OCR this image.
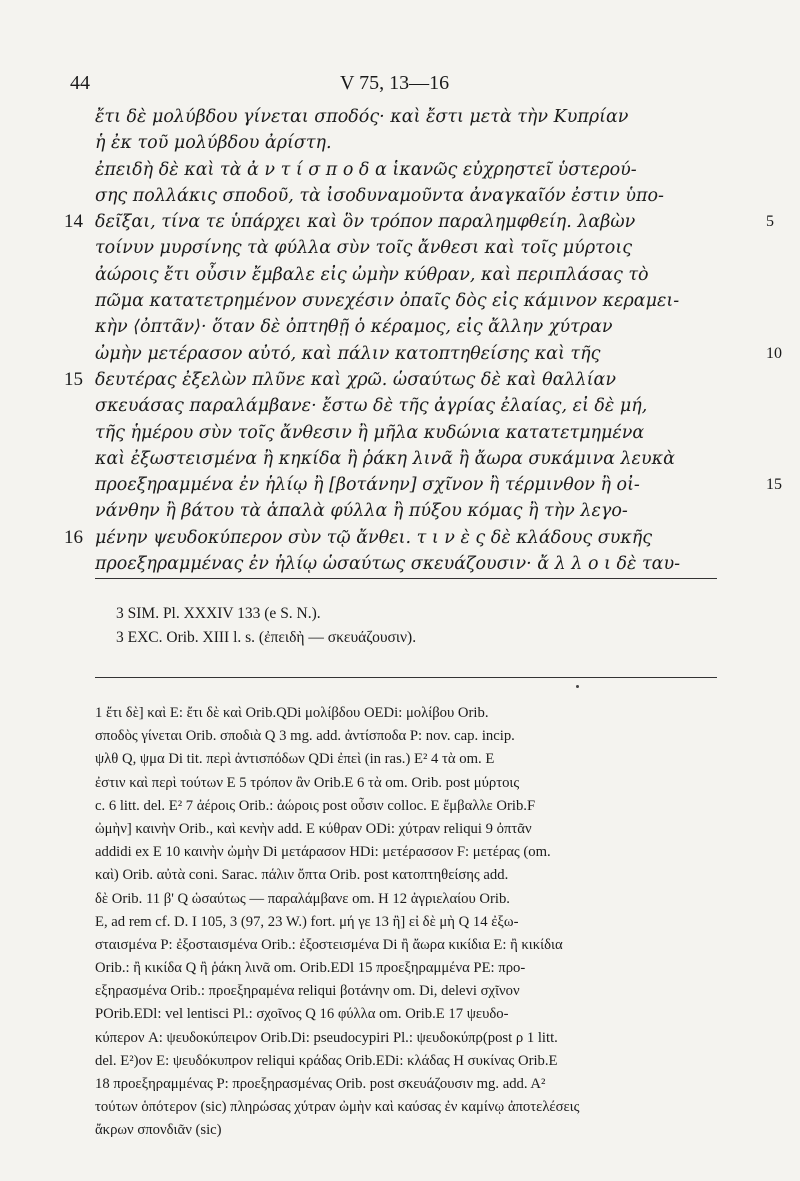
44	V 75, 13—16
ἔτι δὲ μολύβδου γίνεται σποδός· καὶ ἔστι μετὰ τὴν Κυπρίαν
ἡ ἐκ τοῦ μολύβδου ἀρίστη.
ἐπειδὴ δὲ καὶ τὰ ἀ ν τ ί σ π ο δ α ἱκανῶς εὐχρηστεῖ ὑστερού-
σης πολλάκις σποδοῦ, τὰ ἰσοδυναμοῦντα ἀναγκαῖόν ἐστιν ὑπο-
14 δεῖξαι, τίνα τε ὑπάρχει καὶ ὃν τρόπον παραλημφθείη. λαβὼν	5
τοίνυν μυρσίνης τὰ φύλλα σὺν τοῖς ἄνθεσι καὶ τοῖς μύρτοις
ἀώροις ἔτι οὖσιν ἔμβαλε εἰς ὠμὴν κύθραν, καὶ περιπλάσας τὸ
πῶμα κατατετρημένον συνεχέσιν ὀπαῖς δὸς εἰς κάμινον κεραμει-
κὴν ⟨ὀπτᾶν⟩· ὅταν δὲ ὀπτηθῇ ὁ κέραμος, εἰς ἄλλην χύτραν
ὠμὴν μετέρασον αὐτό, καὶ πάλιν κατοπτηθείσης καὶ τῆς	10
15 δευτέρας ἐξελὼν πλῦνε καὶ χρῶ. ὡσαύτως δὲ καὶ θαλλίαν
σκευάσας παραλάμβανε· ἔστω δὲ τῆς ἀγρίας ἐλαίας, εἰ δὲ μή,
τῆς ἡμέρου σὺν τοῖς ἄνθεσιν ἢ μῆλα κυδώνια κατατετμημένα
καὶ ἐξωστεισμένα ἢ κηκίδα ἢ ῥάκη λινᾶ ἢ ἄωρα συκάμινα λευκὰ
προεξηραμμένα ἐν ἡλίῳ ἢ [βοτάνην] σχῖνον ἢ τέρμινθον ἢ οἰ-	15
νάνθην ἢ βάτου τὰ ἁπαλὰ φύλλα ἢ πύξου κόμας ἢ τὴν λεγο-
16 μένην ψευδοκύπερον σὺν τῷ ἄνθει. τ ι ν ὲ ς δὲ κλάδους συκῆς
προεξηραμμένας ἐν ἡλίῳ ὡσαύτως σκευάζουσιν· ἄ λ λ ο ι δὲ ταυ-
3 SIM. Pl. XXXIV 133 (e S. N.).
3 EXC. Orib. XIII l. s. (ἐπειδὴ — σκευάζουσιν).
1 ἔτι δὲ] καὶ E: ἔτι δὲ καὶ Orib.QDi μολίβδου OEDi: μολίβου Orib.
σποδὸς γίνεται Orib. σποδιὰ Q 3 mg. add. ἀντίσποδα P: nov. cap. incip.
ψλθ Q, ψμα Di tit. περὶ ἀντισπόδων QDi ἐπεὶ (in ras.) E² 4 τὰ om. E
ἐστιν καὶ περὶ τούτων E 5 τρόπον ἂν Orib.E 6 τὰ om. Orib. post μύρτοις
c. 6 litt. del. E² 7 ἀέροις Orib.: ἀώροις post οὖσιν colloc. E ἔμβαλλε Orib.F
ὠμὴν] καινὴν Orib., καὶ κενὴν add. E κύθραν ODi: χύτραν reliqui 9 ὀπτᾶν
addidi ex E 10 καινὴν ὠμὴν Di μετάρασον HDi: μετέρασσον F: μετέρας (om.
καὶ) Orib. αὐτὰ coni. Sarac. πάλιν ὄπτα Orib. post κατοπτηθείσης add.
δὲ Orib. 11 β' Q ὡσαύτως — παραλάμβανε om. H 12 ἀγριελαίου Orib.
E, ad rem cf. D. I 105, 3 (97, 23 W.) fort. μή γε 13 ἢ] εἰ δὲ μὴ Q 14 ἐξω-
σταισμένα P: ἐξοσταισμένα Orib.: ἐξοστεισμένα Di ἢ ἄωρα κικίδια E: ἢ κικίδια
Orib.: ἢ κικίδα Q ἢ ῥάκη λινᾶ om. Orib.EDl 15 προεξηραμμένα PE: προ-
εξηρασμένα Orib.: προεξηραμένα reliqui βοτάνην om. Di, delevi σχῖνον
POrib.EDl: vel lentisci Pl.: σχοῖνος Q 16 φύλλα om. Orib.E 17 ψευδο-
κύπερον A: ψευδοκύπειρον Orib.Di: pseudocypiri Pl.: ψευδοκύπρ(post ρ 1 litt.
del. E²)ον E: ψευδόκυπρον reliqui κράδας Orib.EDi: κλάδας H συκίνας Orib.E
18 προεξηραμμένας P: προεξηρασμένας Orib. post σκευάζουσιν mg. add. A²
τούτων ὁπότερον (sic) πληρώσας χύτραν ὠμὴν καὶ καύσας ἐν καμίνῳ ἀποτελέσεις
ἄκρων σπονδιᾶν (sic)
